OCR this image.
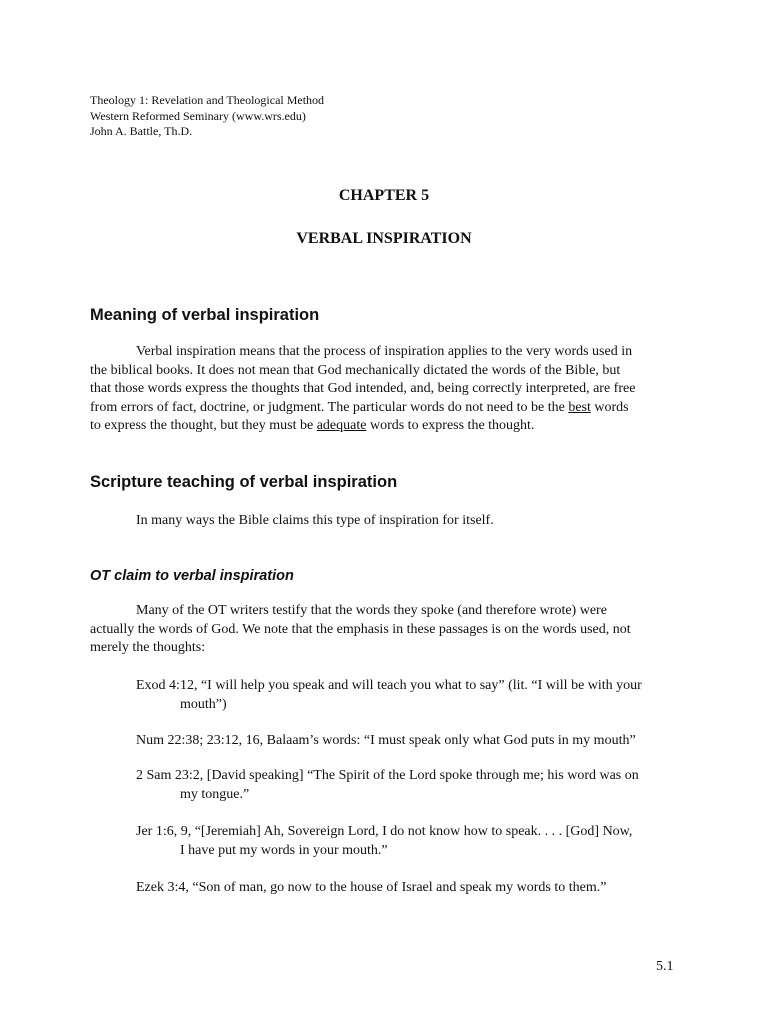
Theology 1: Revelation and Theological Method
Western Reformed Seminary (www.wrs.edu)
John A. Battle, Th.D.
CHAPTER 5
VERBAL INSPIRATION
Meaning of verbal inspiration
Verbal inspiration means that the process of inspiration applies to the very words used in
the biblical books. It does not mean that God mechanically dictated the words of the Bible, but
that those words express the thoughts that God intended, and, being correctly interpreted, are free
from errors of fact, doctrine, or judgment. The particular words do not need to be the best words
to express the thought, but they must be adequate words to express the thought.
Scripture teaching of verbal inspiration
In many ways the Bible claims this type of inspiration for itself.
OT claim to verbal inspiration
Many of the OT writers testify that the words they spoke (and therefore wrote) were
actually the words of God. We note that the emphasis in these passages is on the words used, not
merely the thoughts:
Exod 4:12, “I will help you speak and will teach you what to say” (lit. “I will be with your
mouth”)
Num 22:38; 23:12, 16, Balaam’s words: “I must speak only what God puts in my mouth”
2 Sam 23:2, [David speaking] “The Spirit of the Lord spoke through me; his word was on
my tongue.”
Jer 1:6, 9, “[Jeremiah] Ah, Sovereign Lord, I do not know how to speak. . . . [God] Now,
I have put my words in your mouth.”
Ezek 3:4, “Son of man, go now to the house of Israel and speak my words to them.”
5.1
